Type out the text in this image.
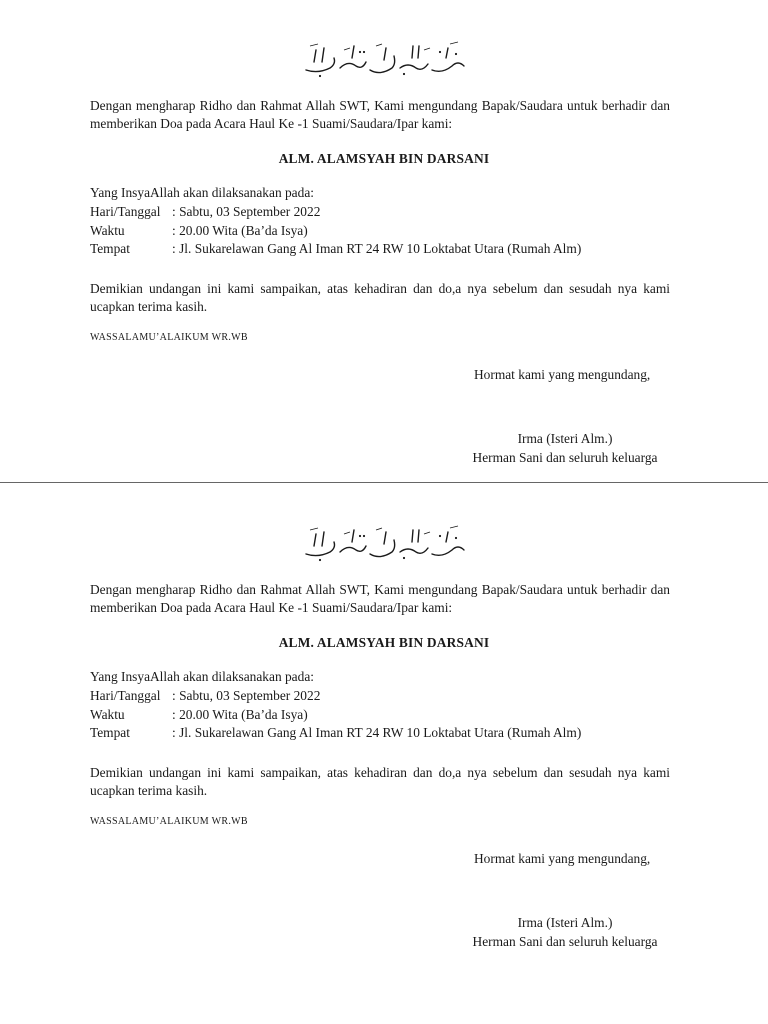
Dengan mengharap Ridho dan Rahmat Allah SWT, Kami mengundang Bapak/Saudara untuk berhadir dan memberikan Doa pada Acara Haul Ke -1 Suami/Saudara/Ipar kami:

ALM. ALAMSYAH BIN DARSANI

Yang InsyaAllah akan dilaksanakan pada:

Hari/Tanggal : Sabtu, 03 September 2022
Waktu	: 20.00 Wita (Ba’da Isya)
Tempat	: Jl. Sukarelawan Gang Al Iman RT 24 RW 10 Loktabat Utara (Rumah Alm)

Demikian undangan ini kami sampaikan, atas kehadiran dan do,a nya sebelum dan sesudah nya kami ucapkan terima kasih.

WASSALAMU’ALAIKUM WR.WB

Hormat kami yang mengundang,

Irma (Isteri Alm.)

Herman Sani dan seluruh keluarga

Dengan mengharap Ridho dan Rahmat Allah SWT, Kami mengundang Bapak/Saudara untuk berhadir dan memberikan Doa pada Acara Haul Ke -1 Suami/Saudara/Ipar kami:

ALM. ALAMSYAH BIN DARSANI

Yang InsyaAllah akan dilaksanakan pada:

Hari/Tanggal : Sabtu, 03 September 2022
Waktu	: 20.00 Wita (Ba’da Isya)
Tempat	: Jl. Sukarelawan Gang Al Iman RT 24 RW 10 Loktabat Utara (Rumah Alm)

Demikian undangan ini kami sampaikan, atas kehadiran dan do,a nya sebelum dan sesudah nya kami ucapkan terima kasih.

WASSALAMU’ALAIKUM WR.WB

Hormat kami yang mengundang,

Irma (Isteri Alm.)

Herman Sani dan seluruh keluarga
